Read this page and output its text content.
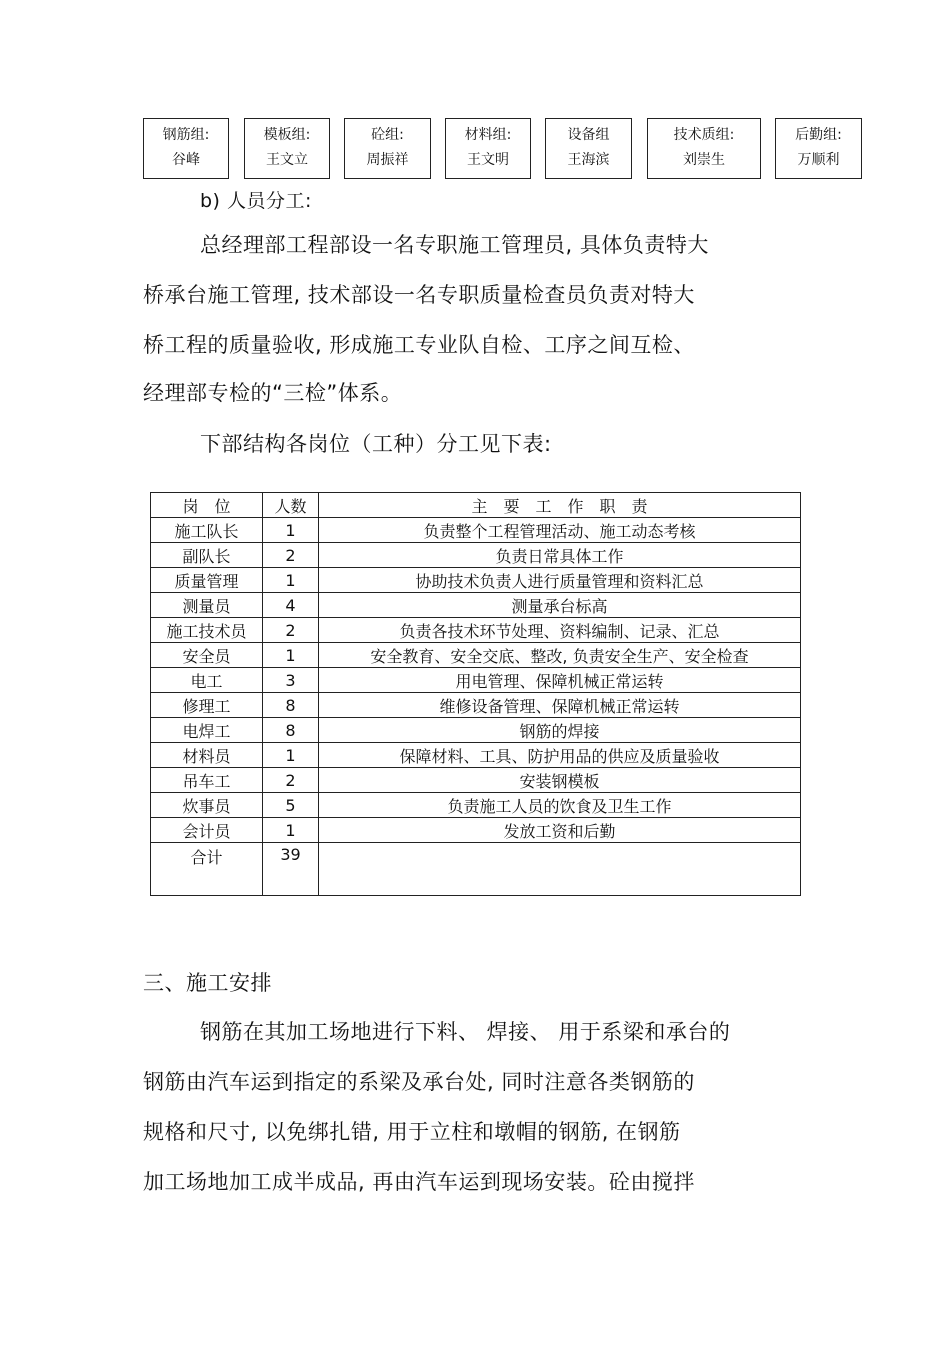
钢筋组:
谷峰
模板组:
王文立
砼组:
周振祥
材料组:
王文明
设备组
王海滨
技术质组:
刘崇生
后勤组:
万顺利
b) 人员分工:
总经理部工程部设一名专职施工管理员, 具体负责特大
桥承台施工管理, 技术部设一名专职质量检查员负责对特大
桥工程的质量验收, 形成施工专业队自检、工序之间互检、
经理部专检的“三检”体系。
下部结构各岗位（工种）分工见下表:
岗　位	人数	主　要　工　作　职　责
施工队长	1	负责整个工程管理活动、施工动态考核
副队长	2	负责日常具体工作
质量管理	1	协助技术负责人进行质量管理和资料汇总
测量员	4	测量承台标高
施工技术员	2	负责各技术环节处理、资料编制、记录、汇总
安全员	1	安全教育、安全交底、整改, 负责安全生产、安全检查
电工	3	用电管理、保障机械正常运转
修理工	8	维修设备管理、保障机械正常运转
电焊工	8	钢筋的焊接
材料员	1	保障材料、工具、防护用品的供应及质量验收
吊车工	2	安装钢模板
炊事员	5	负责施工人员的饮食及卫生工作
会计员	1	发放工资和后勤
合计	39	
三、施工安排
钢筋在其加工场地进行下料、 焊接、 用于系梁和承台的
钢筋由汽车运到指定的系梁及承台处, 同时注意各类钢筋的
规格和尺寸, 以免绑扎错, 用于立柱和墩帽的钢筋, 在钢筋
加工场地加工成半成品, 再由汽车运到现场安装。砼由搅拌
